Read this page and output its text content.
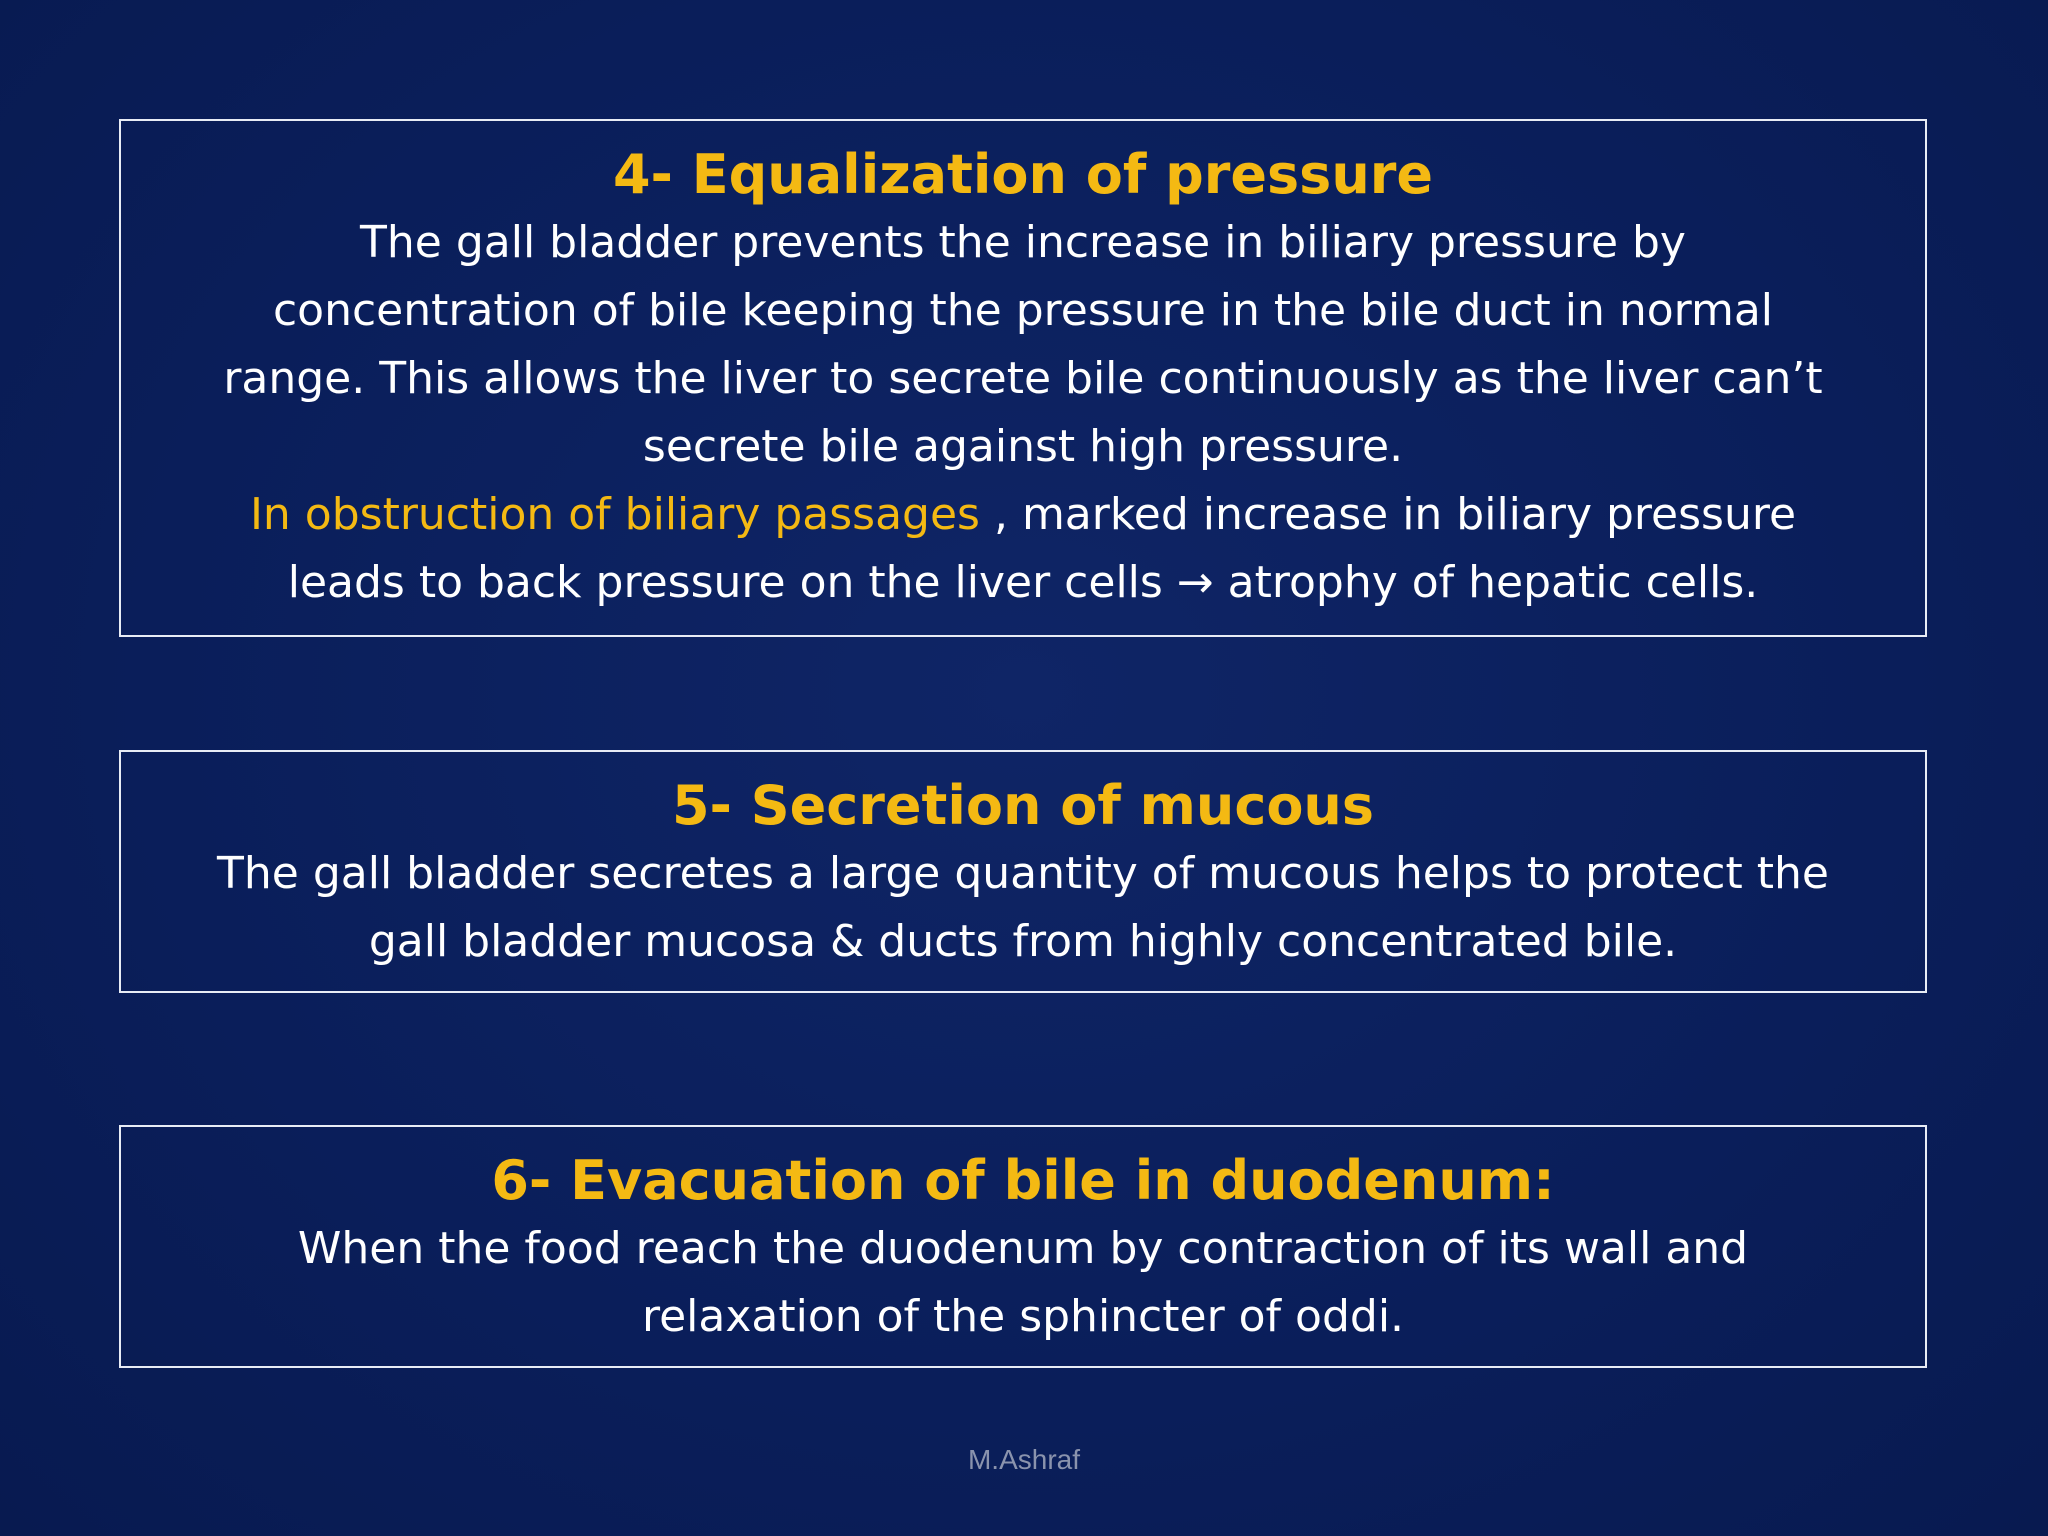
4- Equalization of pressure

The gall bladder prevents the increase in biliary pressure by
concentration of bile keeping the pressure in the bile duct in normal
range. This allows the liver to secrete bile continuously as the liver can’t
secrete bile against high pressure.
In obstruction of biliary passages , marked increase in biliary pressure
leads to back pressure on the liver cells → atrophy of hepatic cells.

5- Secretion of mucous

The gall bladder secretes a large quantity of mucous helps to protect the
gall bladder mucosa & ducts from highly concentrated bile.

6- Evacuation of bile in duodenum:

When the food reach the duodenum by contraction of its wall and
relaxation of the sphincter of oddi.

M.Ashraf
